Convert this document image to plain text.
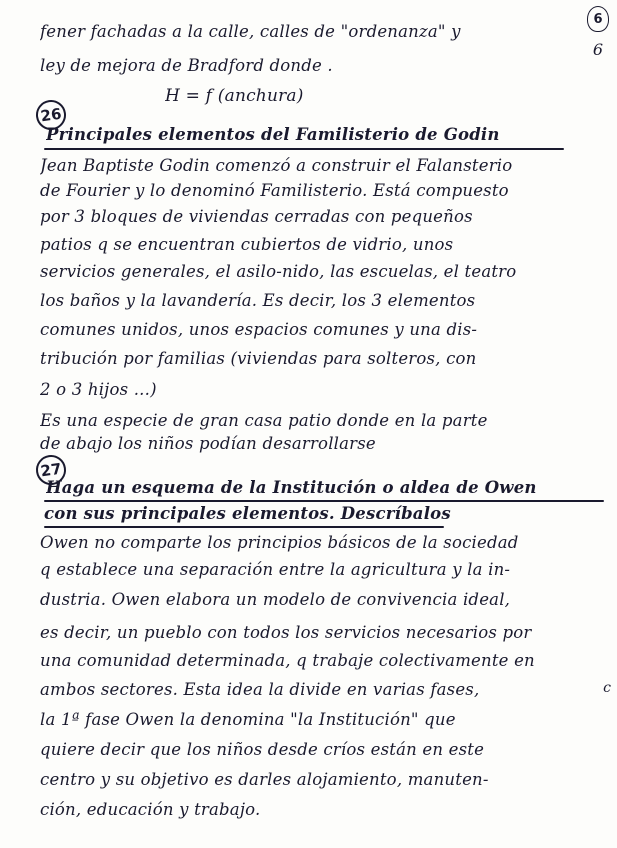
6
6
fener fachadas a la calle, calles de "ordenanza" y
ley de mejora de Bradford donde .
H = f (anchura)
26
Principales elementos del Familisterio de Godin
Jean Baptiste Godin comenzó a construir el Falansterio
de Fourier y lo denominó Familisterio. Está compuesto
por 3 bloques de viviendas cerradas con pequeños
patios q se encuentran cubiertos de vidrio, unos
servicios generales, el asilo-nido, las escuelas, el teatro
los baños y la lavandería. Es decir, los 3 elementos
comunes unidos, unos espacios comunes y una dis-
tribución por familias (viviendas para solteros, con
2 o 3 hijos ...)
Es una especie de gran casa patio donde en la parte
de abajo los niños podían desarrollarse
27
Haga un esquema de la Institución o aldea de Owen
con sus principales elementos. Descríbalos
Owen no comparte los principios básicos de la sociedad
q establece una separación entre la agricultura y la in-
dustria. Owen elabora un modelo de convivencia ideal,
es decir, un pueblo con todos los servicios necesarios por
una comunidad determinada, q trabaje colectivamente en
ambos sectores. Esta idea la divide en varias fases,	c
la 1ª fase Owen la denomina "la Institución" que
quiere decir que los niños desde críos están en este
centro y su objetivo es darles alojamiento, manuten-
ción, educación y trabajo.
